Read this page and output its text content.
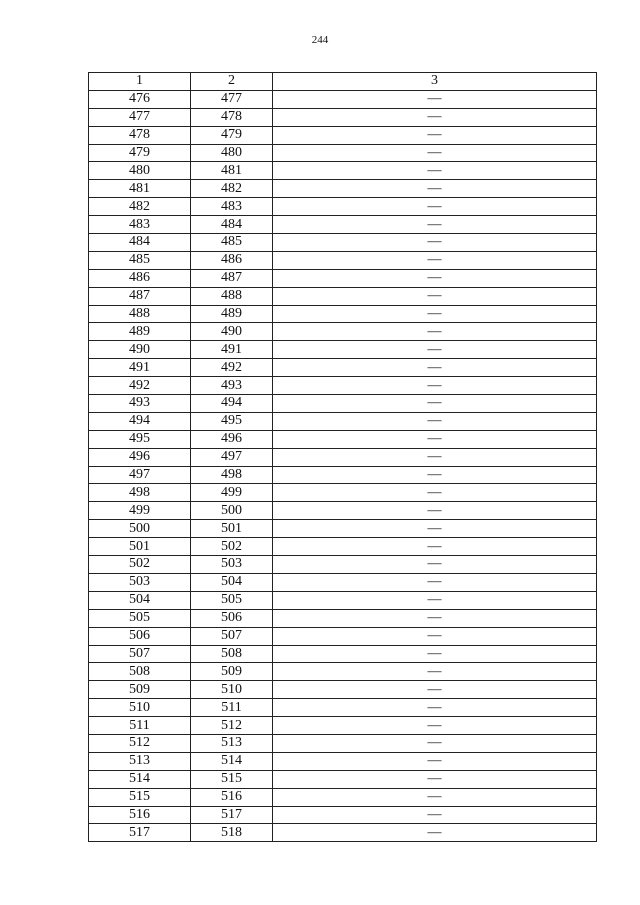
244
1	2	3
476	477	—
477	478	—
478	479	—
479	480	—
480	481	—
481	482	—
482	483	—
483	484	—
484	485	—
485	486	—
486	487	—
487	488	—
488	489	—
489	490	—
490	491	—
491	492	—
492	493	—
493	494	—
494	495	—
495	496	—
496	497	—
497	498	—
498	499	—
499	500	—
500	501	—
501	502	—
502	503	—
503	504	—
504	505	—
505	506	—
506	507	—
507	508	—
508	509	—
509	510	—
510	511	—
511	512	—
512	513	—
513	514	—
514	515	—
515	516	—
516	517	—
517	518	—
